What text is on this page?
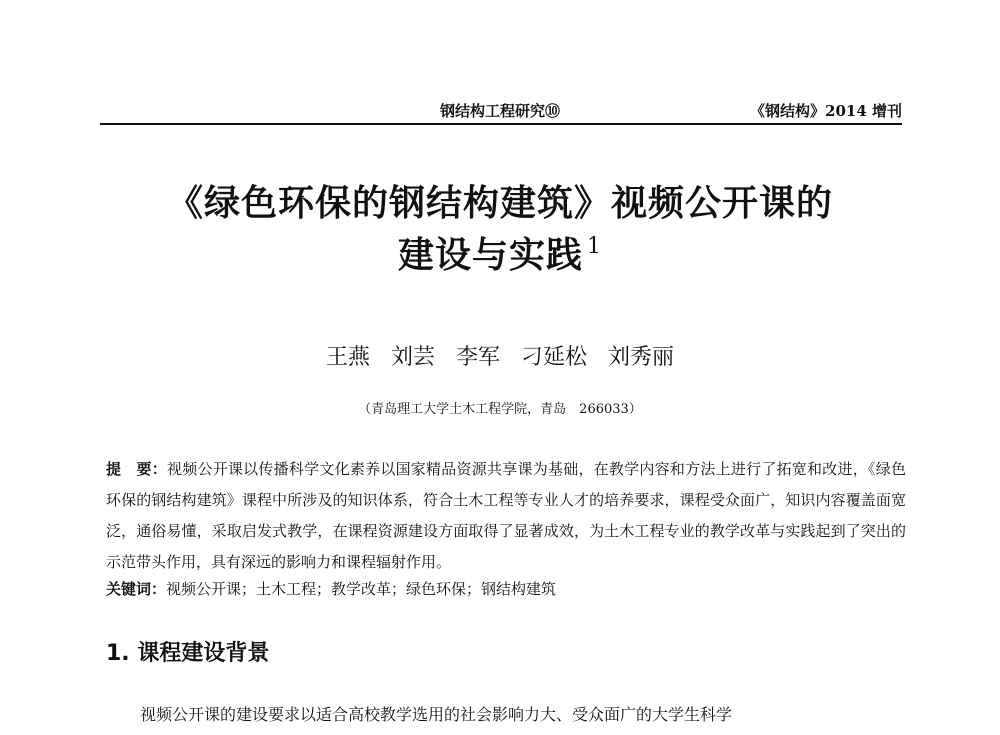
钢结构工程研究⑩	《钢结构》2014 增刊
《绿色环保的钢结构建筑》视频公开课的
建设与实践 $^1$
王燕 刘芸 李军 刁延松 刘秀丽
（青岛理工大学土木工程学院，青岛　266033）
提　要：视频公开课以传播科学文化素养以国家精品资源共享课为基础，在教学内容和方法上进行了拓宽和改进，《绿色环保的钢结构建筑》课程中所涉及的知识体系，符合土木工程等专业人才的培养要求，课程受众面广，知识内容覆盖面宽泛，通俗易懂，采取启发式教学，在课程资源建设方面取得了显著成效，为土木工程专业的教学改革与实践起到了突出的示范带头作用，具有深远的影响力和课程辐射作用。
关键词：视频公开课；土木工程；教学改革；绿色环保；钢结构建筑
1. 课程建设背景
视频公开课的建设要求以适合高校教学选用的社会影响力大、受众面广的大学生科学
